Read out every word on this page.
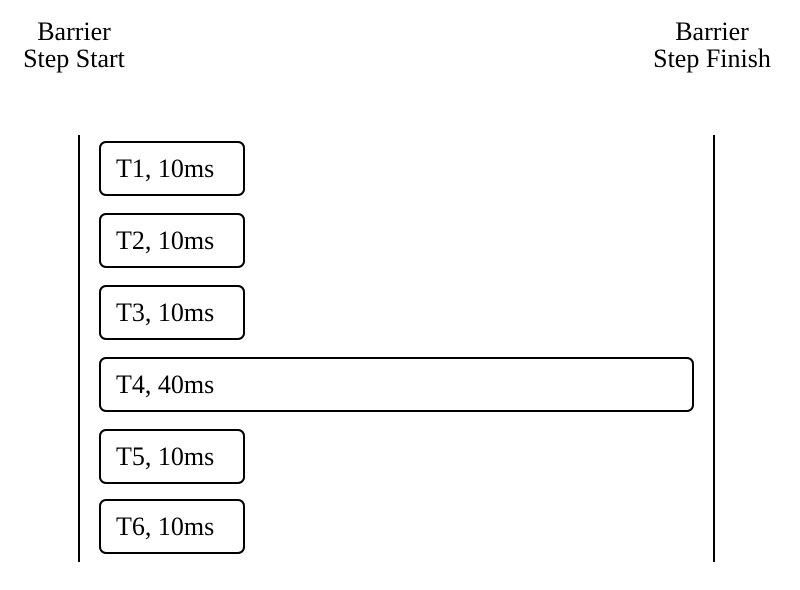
Barrier
Step Start
Barrier
Step Finish
T1, 10ms
T2, 10ms
T3, 10ms
T4, 40ms
T5, 10ms
T6, 10ms
